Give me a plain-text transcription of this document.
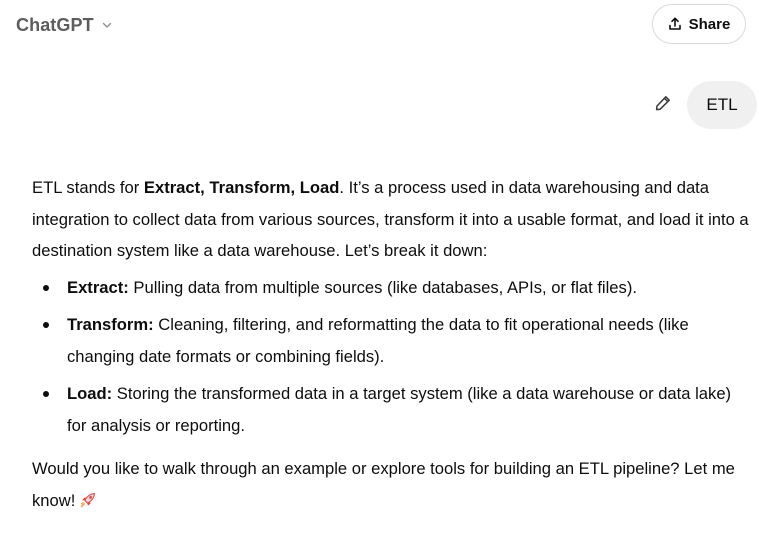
ChatGPT	Share
ETL

ETL stands for Extract, Transform, Load. It’s a process used in data warehousing and data integration to collect data from various sources, transform it into a usable format, and load it into a destination system like a data warehouse. Let’s break it down:

Extract: Pulling data from multiple sources (like databases, APIs, or flat files).
Transform: Cleaning, filtering, and reformatting the data to fit operational needs (like changing date formats or combining fields).
Load: Storing the transformed data in a target system (like a data warehouse or data lake) for analysis or reporting.

Would you like to walk through an example or explore tools for building an ETL pipeline? Let me know!
